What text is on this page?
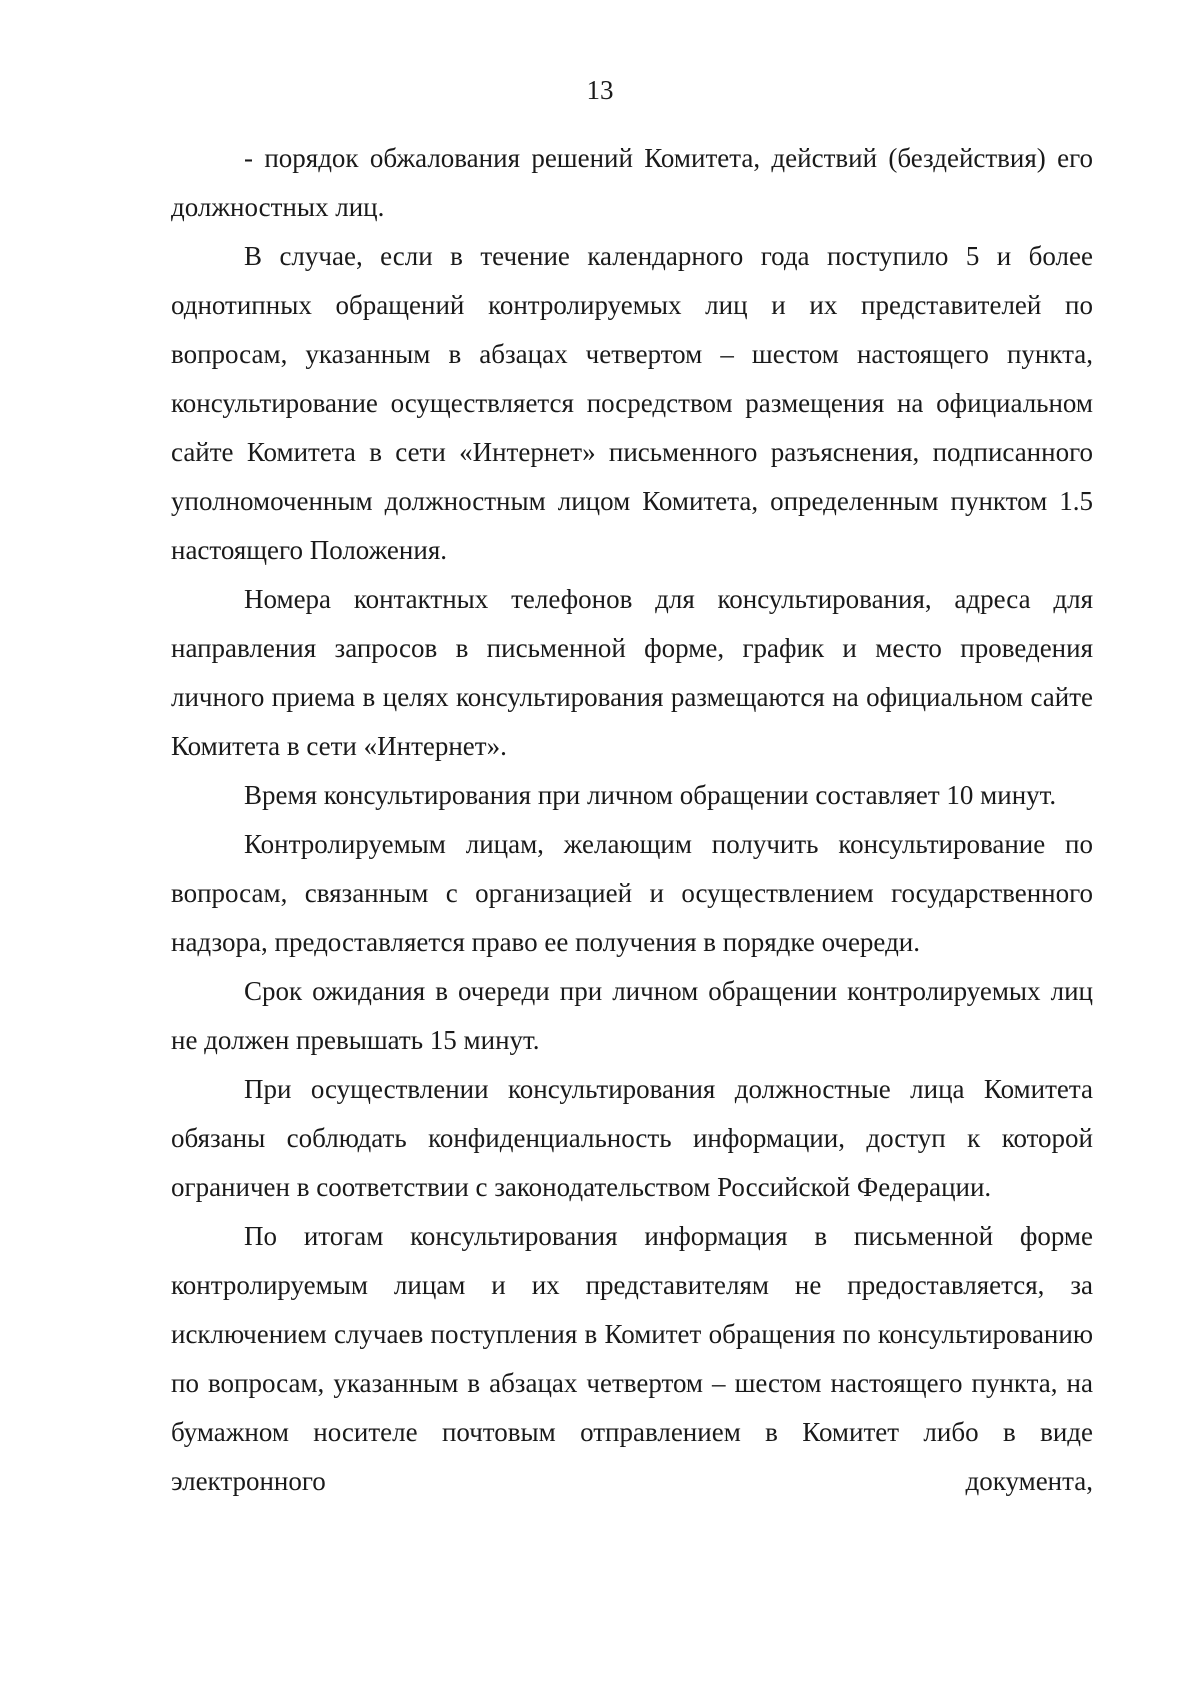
13

- порядок обжалования решений Комитета, действий (бездействия) его должностных лиц.

В случае, если в течение календарного года поступило 5 и более однотипных обращений контролируемых лиц и их представителей по вопросам, указанным в абзацах четвертом – шестом настоящего пункта, консультирование осуществляется посредством размещения на официальном сайте Комитета в сети «Интернет» письменного разъяснения, подписанного уполномоченным должностным лицом Комитета, определенным пунктом 1.5 настоящего Положения.

Номера контактных телефонов для консультирования, адреса для направления запросов в письменной форме, график и место проведения личного приема в целях консультирования размещаются на официальном сайте Комитета в сети «Интернет».

Время консультирования при личном обращении составляет 10 минут.

Контролируемым лицам, желающим получить консультирование по вопросам, связанным с организацией и осуществлением государственного надзора, предоставляется право ее получения в порядке очереди.

Срок ожидания в очереди при личном обращении контролируемых лиц не должен превышать 15 минут.

При осуществлении консультирования должностные лица Комитета обязаны соблюдать конфиденциальность информации, доступ к которой ограничен в соответствии с законодательством Российской Федерации.

По итогам консультирования информация в письменной форме контролируемым лицам и их представителям не предоставляется, за исключением случаев поступления в Комитет обращения по консультированию по вопросам, указанным в абзацах четвертом – шестом настоящего пункта, на бумажном носителе почтовым отправлением в Комитет либо в виде электронного документа,
